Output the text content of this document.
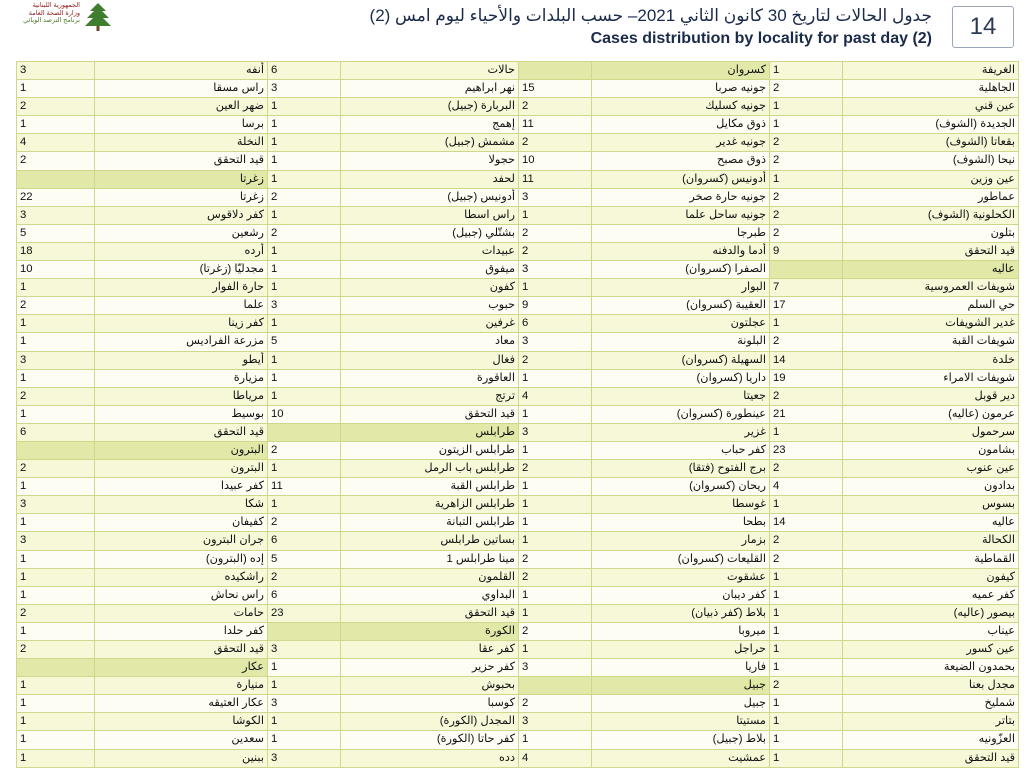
الجمهورية اللبنانية
وزارة الصحة العامة
برنامج الترصد الوبائي	جدول الحالات لتاريخ 30 كانون الثاني 2021– حسب البلدات والأحياء ليوم امس (2)
Cases distribution by locality for past day (2)	14
3	أنفه	6	حالات		كسروان	1	الغريفة
1	راس مسقا	3	نهر ابراهيم	15	جونيه صربا	2	الجاهلية
2	ضهر العين	1	البربارة (جبيل)	2	جونيه كسليك	1	عين قني
1	برسا	1	إهمج	11	ذوق مكايل	1	الجديدة (الشوف)
4	النخلة	1	مشمش (جبيل)	2	جونيه غدير	2	بقعاتا (الشوف)
2	قيد التحقق	1	حجولا	10	ذوق مصبح	2	نيحا (الشوف)
	زغرتا	1	لحفد	11	أدونيس (كسروان)	1	عين وزين
22	زغرتا	2	أدونيس (جبيل)	3	جونيه حارة صخر	2	عماطور
3	كفر دلاقوس	1	راس اسطا	1	جونيه ساحل علما	2	الكحلونية (الشوف)
5	رشعين	2	بشتّلي (جبيل)	2	طبرجا	2	بتلون
18	أرده	1	عبيدات	2	أدما والدفنه	9	قيد التحقق
10	مجدليّا (زغرتا)	1	ميفوق	3	الصفرا (كسروان)		عاليه
1	حارة الفوار	1	كفون	1	البوار	7	شويفات العمروسية
2	علما	3	حبوب	9	العقيبة (كسروان)	17	حي السلم
1	كفر زينا	1	غرفين	6	عجلتون	1	غدير الشويفات
1	مزرعة الفراديس	5	معاد	3	البلونة	2	شويفات القبة
3	أيطو	1	فغال	2	السهيلة (كسروان)	14	خلدة
1	مزيارة	1	العاقورة	1	داريا (كسروان)	19	شويفات الامراء
2	مرياطا	1	ترتج	4	جعيتا	2	دير قوبل
1	بوسيط	10	قيد التحقق	1	عينطورة (كسروان)	21	عرمون (عاليه)
6	قيد التحقق		طرابلس	3	غزير	1	سرحمول
	البترون	2	طرابلس الزيتون	1	كفر حباب	23	بشامون
2	البترون	1	طرابلس باب الرمل	2	برج الفتوح (فتقا)	2	عين عنوب
1	كفر عبيدا	11	طرابلس القبة	1	ريحان (كسروان)	4	بدادون
3	شكا	1	طرابلس الزاهرية	1	غوسطا	1	بسوس
1	كفيفان	2	طرابلس التبانة	1	بطحا	14	عاليه
3	جران البترون	6	بساتين طرابلس	1	بزمار	2	الكحالة
1	إده (البترون)	5	مينا طرابلس 1	2	القليعات (كسروان)	2	القماطية
1	راشكيده	2	القلمون	2	عشقوت	1	كيفون
1	راس نحاش	6	البداوي	1	كفر ديبان	1	كفر عميه
2	حامات	23	قيد التحقق	1	بلاط (كفر ذبيان)	1	بيصور (عاليه)
1	كفر حلدا		الكورة	2	ميروبا	1	عيناب
2	قيد التحقق	3	كفر عقا	1	حراجل	1	عين كسور
	عكار	1	كفر حزير	3	فاريا	1	بحمدون الضيعة
1	منيارة	1	بحبوش		جبيل	2	مجدل بعنا
1	عكار العتيقه	3	كوسبا	2	جبيل	1	شمليخ
1	الكوشا	1	المجدل (الكورة)	3	مستيتا	1	بتاتر
1	سعدين	1	كفر حاتا (الكورة)	1	بلاط (جبيل)	1	العزّونيه
1	ببنين	3	دده	4	عمشيت	1	قيد التحقق
